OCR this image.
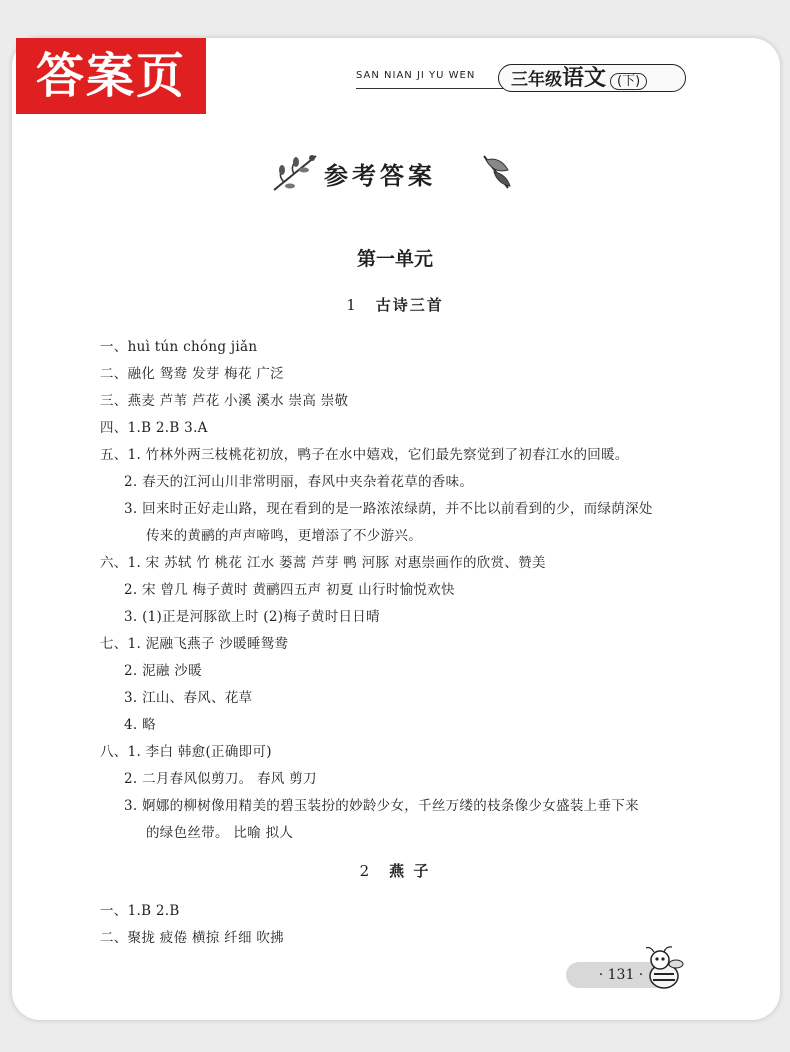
答案页	SAN NIAN JI YU WEN	三年级语文 (下)
参考答案
第一单元
1 古诗三首
一、huì tún chóng jiǎn
二、融化 鸳鸯 发芽 梅花 广泛
三、燕麦 芦苇 芦花 小溪 溪水 崇高 崇敬
四、1.B 2.B 3.A
五、1. 竹林外两三枝桃花初放，鸭子在水中嬉戏，它们最先察觉到了初春江水的回暖。
2. 春天的江河山川非常明丽，春风中夹杂着花草的香味。
3. 回来时正好走山路，现在看到的是一路浓浓绿荫，并不比以前看到的少，而绿荫深处
传来的黄鹂的声声啼鸣，更增添了不少游兴。
六、1. 宋 苏轼 竹 桃花 江水 蒌蒿 芦芽 鸭 河豚 对惠崇画作的欣赏、赞美
2. 宋 曾几 梅子黄时 黄鹂四五声 初夏 山行时愉悦欢快
3. (1)正是河豚欲上时 (2)梅子黄时日日晴
七、1. 泥融飞燕子 沙暖睡鸳鸯
2. 泥融 沙暖
3. 江山、春风、花草
4. 略
八、1. 李白 韩愈(正确即可)
2. 二月春风似剪刀。 春风 剪刀
3. 婀娜的柳树像用精美的碧玉装扮的妙龄少女，千丝万缕的枝条像少女盛装上垂下来
的绿色丝带。 比喻 拟人
2 燕 子
一、1.B 2.B
二、聚拢 疲倦 横掠 纤细 吹拂
· 131 ·
